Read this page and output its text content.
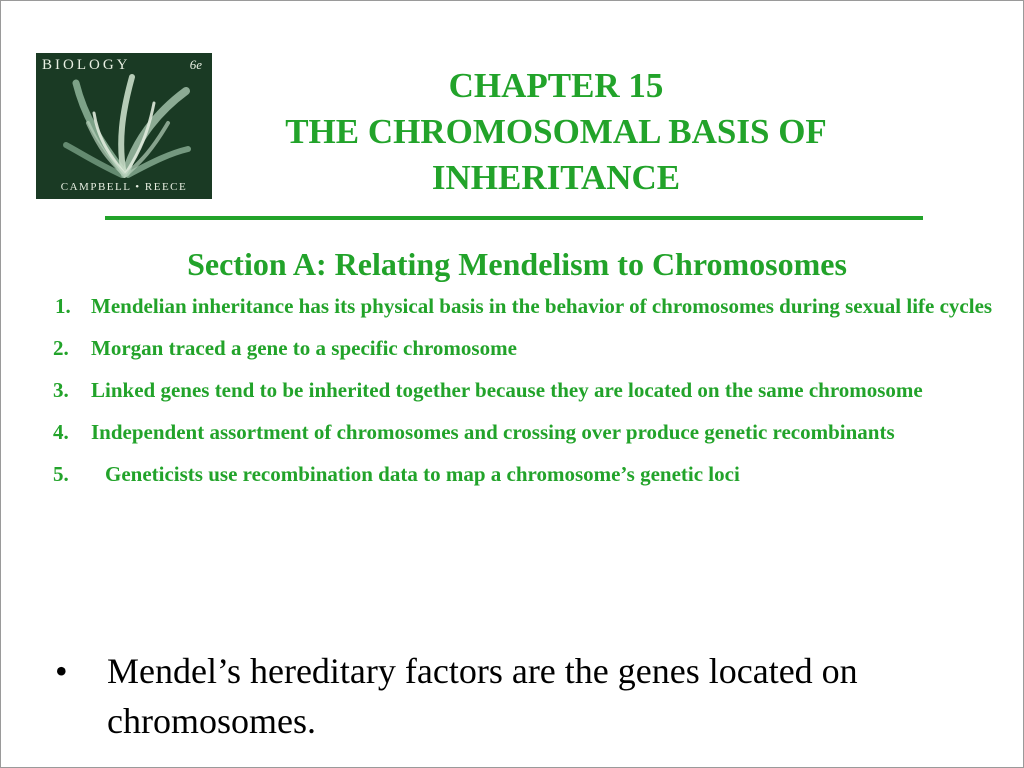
BIOLOGY	6e
CAMPBELL • REECE
CHAPTER 15
THE CHROMOSOMAL BASIS OF
INHERITANCE
Section A: Relating Mendelism to Chromosomes
1. Mendelian inheritance has its physical basis in the behavior of chromosomes during sexual life cycles
2. Morgan traced a gene to a specific chromosome
3. Linked genes tend to be inherited together because they are located on the same chromosome
4. Independent assortment of chromosomes and crossing over produce genetic recombinants
5. Geneticists use recombination data to map a chromosome’s genetic loci
•	Mendel’s hereditary factors are the genes located on chromosomes.
